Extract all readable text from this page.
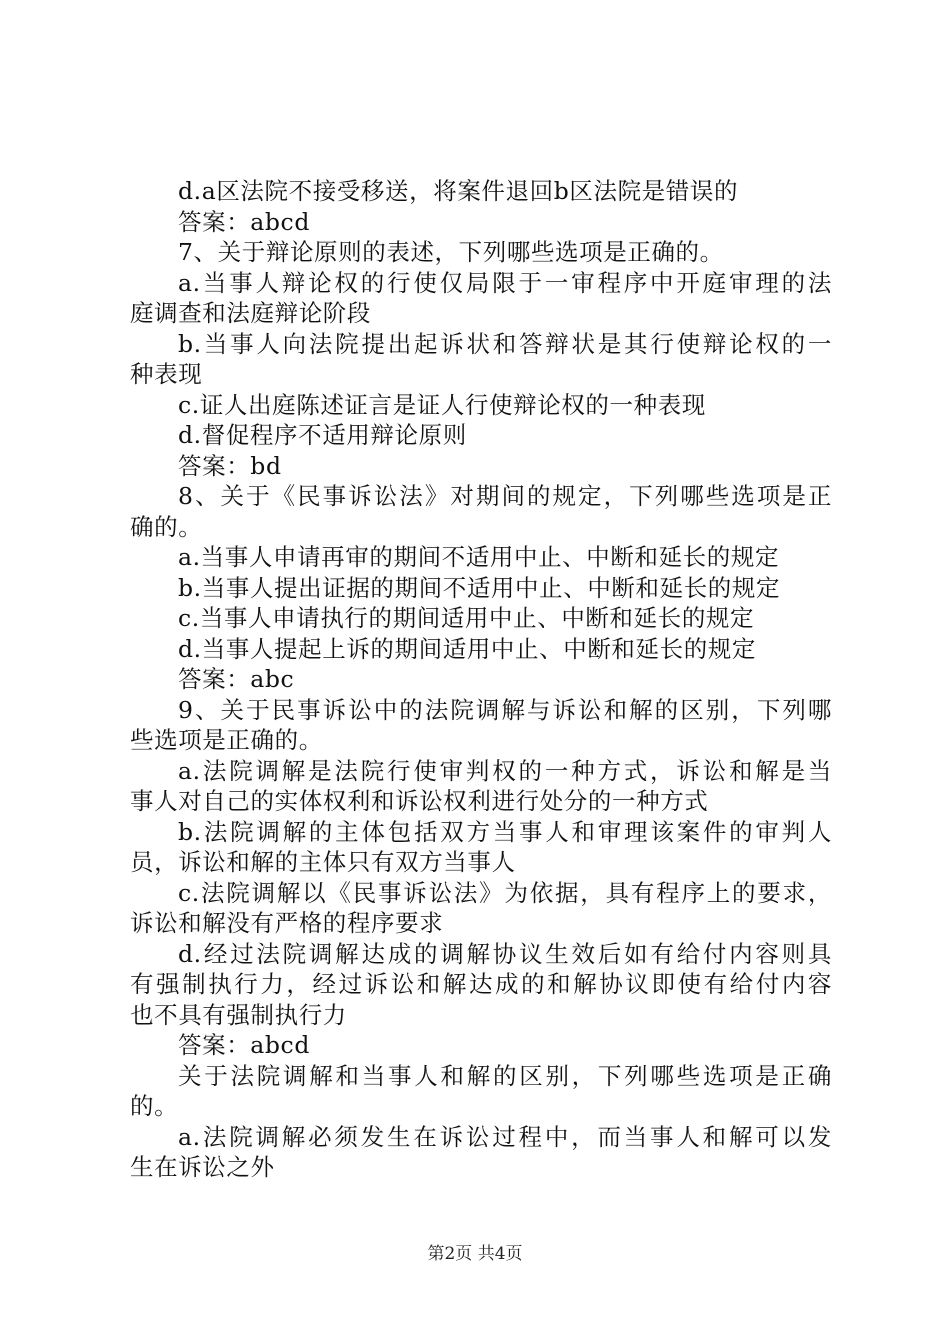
d.a区法院不接受移送，将案件退回b区法院是错误的
答案：abcd
7、关于辩论原则的表述，下列哪些选项是正确的。
a.当事人辩论权的行使仅局限于一审程序中开庭审理的法
庭调查和法庭辩论阶段
b.当事人向法院提出起诉状和答辩状是其行使辩论权的一
种表现
c.证人出庭陈述证言是证人行使辩论权的一种表现
d.督促程序不适用辩论原则
答案：bd
8、关于《民事诉讼法》对期间的规定，下列哪些选项是正
确的。
a.当事人申请再审的期间不适用中止、中断和延长的规定
b.当事人提出证据的期间不适用中止、中断和延长的规定
c.当事人申请执行的期间适用中止、中断和延长的规定
d.当事人提起上诉的期间适用中止、中断和延长的规定
答案：abc
9、关于民事诉讼中的法院调解与诉讼和解的区别，下列哪
些选项是正确的。
a.法院调解是法院行使审判权的一种方式，诉讼和解是当
事人对自己的实体权利和诉讼权利进行处分的一种方式
b.法院调解的主体包括双方当事人和审理该案件的审判人
员，诉讼和解的主体只有双方当事人
c.法院调解以《民事诉讼法》为依据，具有程序上的要求，
诉讼和解没有严格的程序要求
d.经过法院调解达成的调解协议生效后如有给付内容则具
有强制执行力，经过诉讼和解达成的和解协议即使有给付内容
也不具有强制执行力
答案：abcd
关于法院调解和当事人和解的区别，下列哪些选项是正确
的。
a.法院调解必须发生在诉讼过程中，而当事人和解可以发
生在诉讼之外
第2页 共4页
